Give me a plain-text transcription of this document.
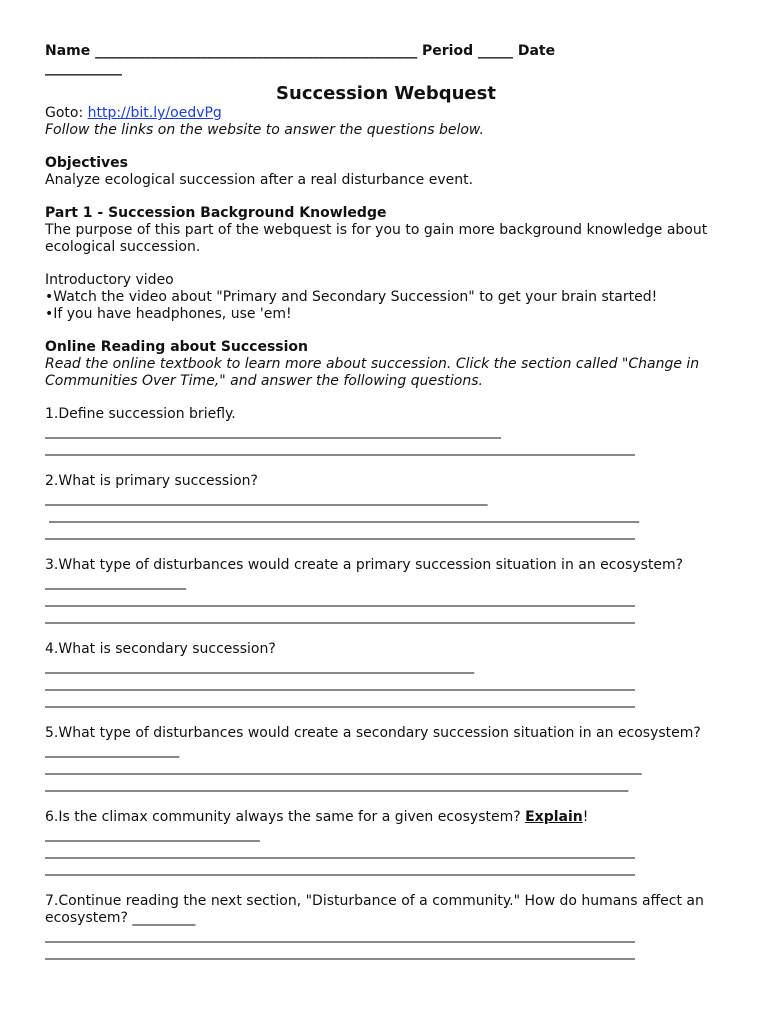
Name ______________________________________________ Period _____ Date
___________
Succession Webquest
Goto: http://bit.ly/oedvPg
Follow the links on the website to answer the questions below.
Objectives
Analyze ecological succession after a real disturbance event.
Part 1 - Succession Background Knowledge
The purpose of this part of the webquest is for you to gain more background knowledge about
ecological succession.
Introductory video
•Watch the video about "Primary and Secondary Succession" to get your brain started!
•If you have headphones, use 'em!
Online Reading about Succession
Read the online textbook to learn more about succession. Click the section called "Change in
Communities Over Time," and answer the following questions.
1.Define succession briefly.
____________________________________________________________________
________________________________________________________________________________________
2.What is primary succession?
__________________________________________________________________
________________________________________________________________________________________
________________________________________________________________________________________
3.What type of disturbances would create a primary succession situation in an ecosystem?
_____________________
________________________________________________________________________________________
________________________________________________________________________________________
4.What is secondary succession?
________________________________________________________________
________________________________________________________________________________________
________________________________________________________________________________________
5.What type of disturbances would create a secondary succession situation in an ecosystem?
____________________
_________________________________________________________________________________________
_______________________________________________________________________________________
6.Is the climax community always the same for a given ecosystem? Explain!
________________________________
________________________________________________________________________________________
________________________________________________________________________________________
7.Continue reading the next section, "Disturbance of a community." How do humans affect an
ecosystem? _________
________________________________________________________________________________________
________________________________________________________________________________________
